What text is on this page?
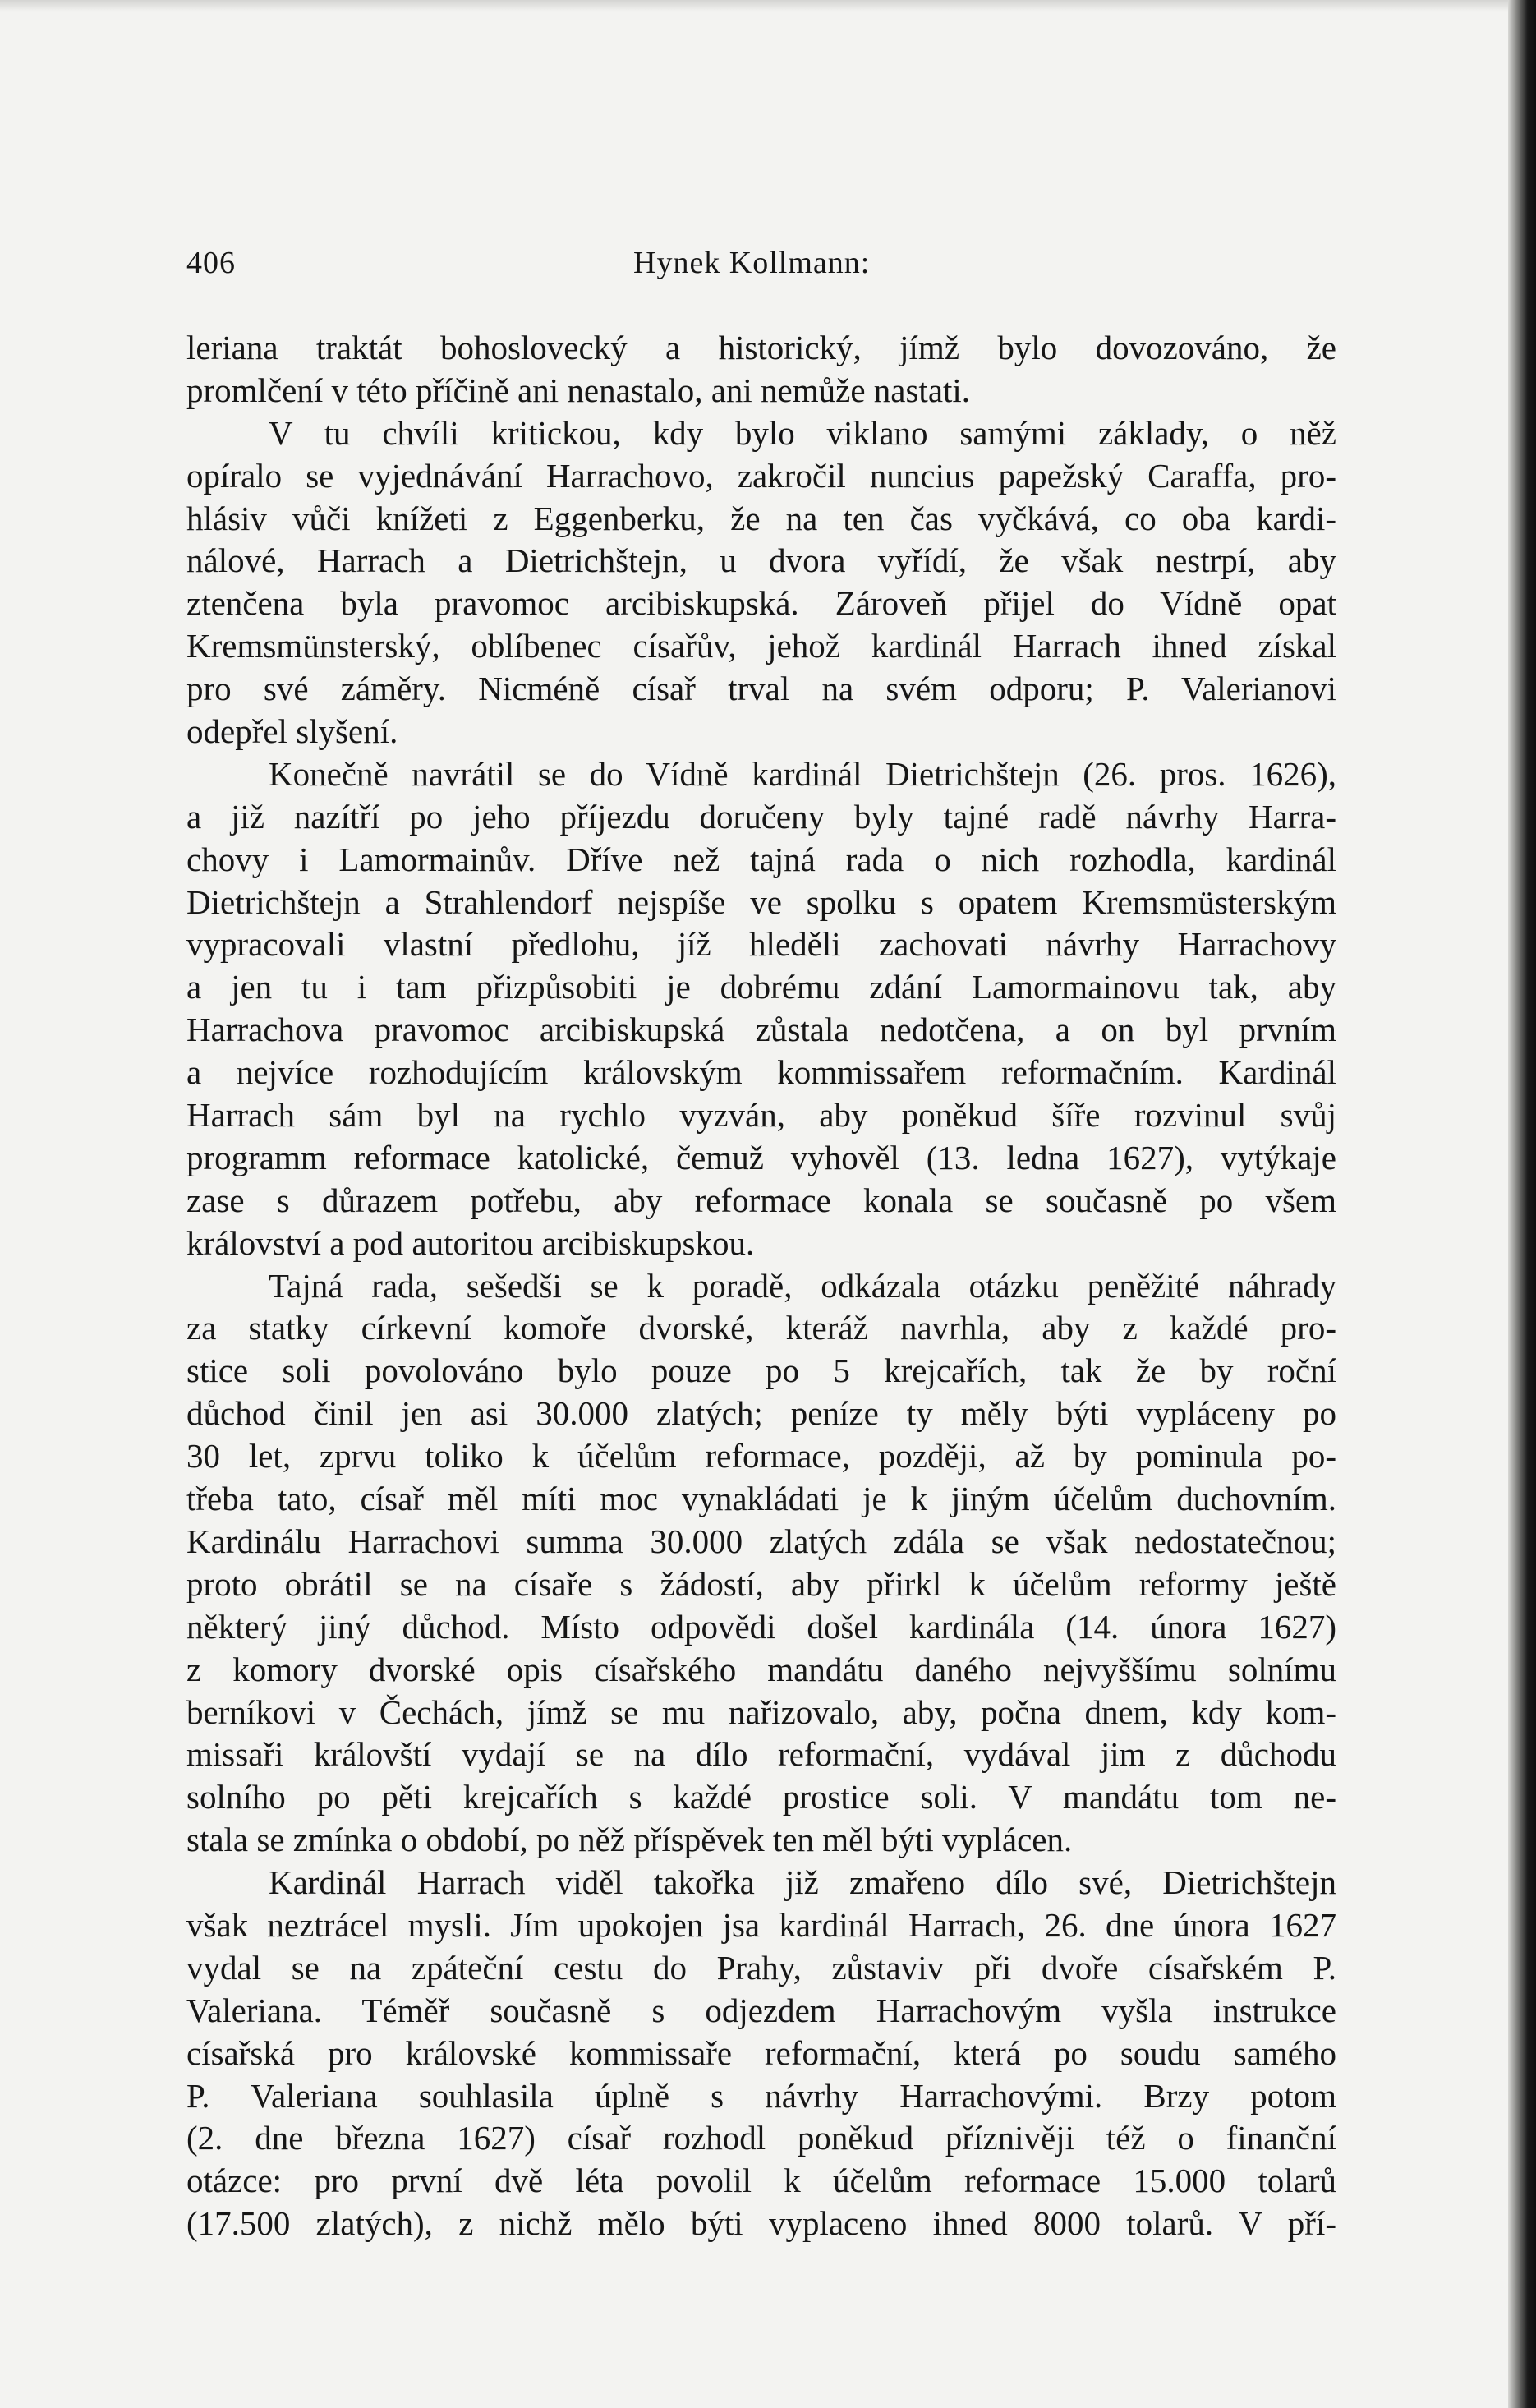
406	Hynek Kollmann:
leriana traktát bohoslovecký a historický, jímž bylo dovozováno, že
promlčení v této příčině ani nenastalo, ani nemůže nastati.
V tu chvíli kritickou, kdy bylo viklano samými základy, o něž
opíralo se vyjednávání Harrachovo, zakročil nuncius papežský Caraffa, pro-
hlásiv vůči knížeti z Eggenberku, že na ten čas vyčkává, co oba kardi-
nálové, Harrach a Dietrichštejn, u dvora vyřídí, že však nestrpí, aby
ztenčena byla pravomoc arcibiskupská. Zároveň přijel do Vídně opat
Kremsmünsterský, oblíbenec císařův, jehož kardinál Harrach ihned získal
pro své záměry. Nicméně císař trval na svém odporu; P. Valerianovi
odepřel slyšení.
Konečně navrátil se do Vídně kardinál Dietrichštejn (26. pros. 1626),
a již nazítří po jeho příjezdu doručeny byly tajné radě návrhy Harra-
chovy i Lamormainův. Dříve než tajná rada o nich rozhodla, kardinál
Dietrichštejn a Strahlendorf nejspíše ve spolku s opatem Kremsmüsterským
vypracovali vlastní předlohu, jíž hleděli zachovati návrhy Harrachovy
a jen tu i tam přizpůsobiti je dobrému zdání Lamormainovu tak, aby
Harrachova pravomoc arcibiskupská zůstala nedotčena, a on byl prvním
a nejvíce rozhodujícím královským kommissařem reformačním. Kardinál
Harrach sám byl na rychlo vyzván, aby poněkud šíře rozvinul svůj
programm reformace katolické, čemuž vyhověl (13. ledna 1627), vytýkaje
zase s důrazem potřebu, aby reformace konala se současně po všem
království a pod autoritou arcibiskupskou.
Tajná rada, sešedši se k poradě, odkázala otázku peněžité náhrady
za statky církevní komoře dvorské, kteráž navrhla, aby z každé pro-
stice soli povolováno bylo pouze po 5 krejcařích, tak že by roční
důchod činil jen asi 30.000 zlatých; peníze ty měly býti vypláceny po
30 let, zprvu toliko k účelům reformace, později, až by pominula po-
třeba tato, císař měl míti moc vynakládati je k jiným účelům duchovním.
Kardinálu Harrachovi summa 30.000 zlatých zdála se však nedostatečnou;
proto obrátil se na císaře s žádostí, aby přirkl k účelům reformy ještě
některý jiný důchod. Místo odpovědi došel kardinála (14. února 1627)
z komory dvorské opis císařského mandátu daného nejvyššímu solnímu
berníkovi v Čechách, jímž se mu nařizovalo, aby, počna dnem, kdy kom-
missaři královští vydají se na dílo reformační, vydával jim z důchodu
solního po pěti krejcařích s každé prostice soli. V mandátu tom ne-
stala se zmínka o období, po něž příspěvek ten měl býti vyplácen.
Kardinál Harrach viděl takořka již zmařeno dílo své, Dietrichštejn
však neztrácel mysli. Jím upokojen jsa kardinál Harrach, 26. dne února 1627
vydal se na zpáteční cestu do Prahy, zůstaviv při dvoře císařském P.
Valeriana. Téměř současně s odjezdem Harrachovým vyšla instrukce
císařská pro královské kommissaře reformační, která po soudu samého
P. Valeriana souhlasila úplně s návrhy Harrachovými. Brzy potom
(2. dne března 1627) císař rozhodl poněkud příznivěji též o finanční
otázce: pro první dvě léta povolil k účelům reformace 15.000 tolarů
(17.500 zlatých), z nichž mělo býti vyplaceno ihned 8000 tolarů. V pří-
